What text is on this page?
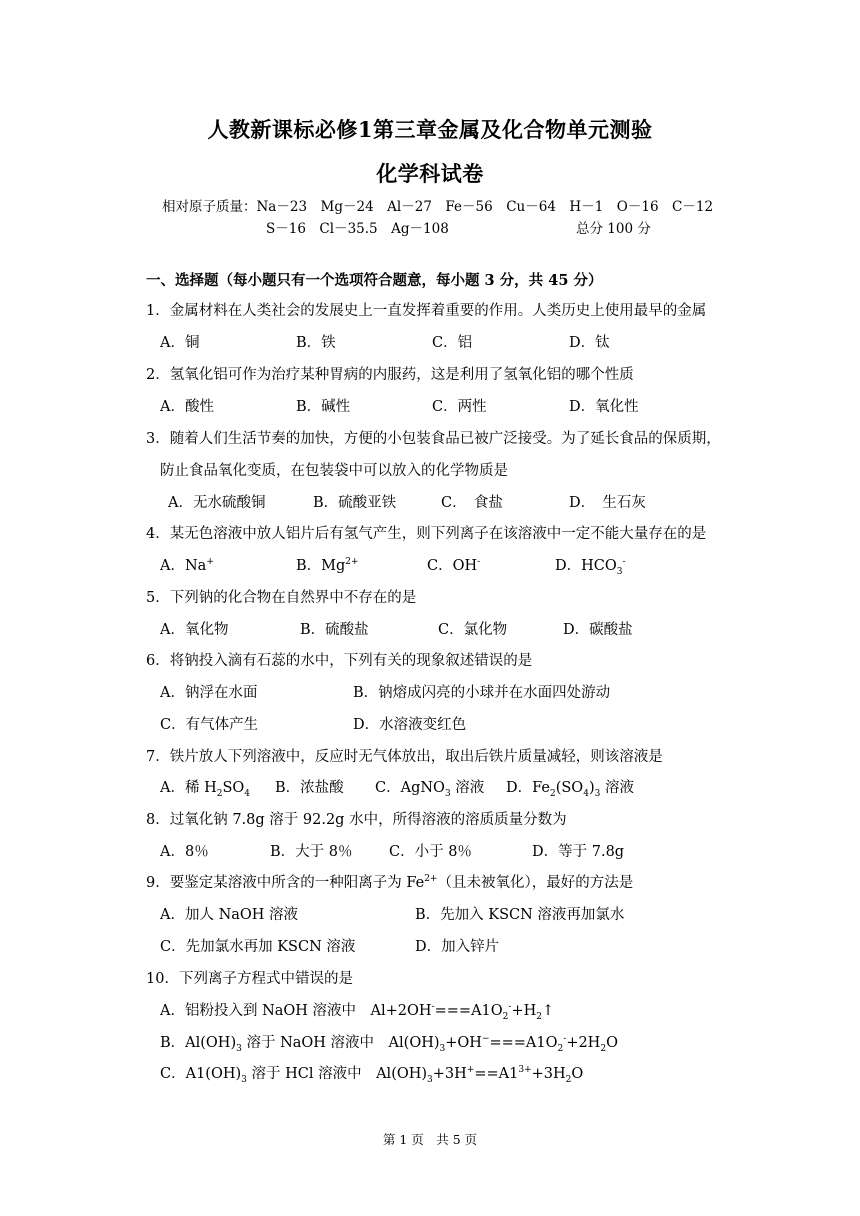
人教新课标必修1第三章金属及化合物单元测验
化学科试卷
相对原子质量：Na－23　Mg－24　Al－27　Fe－56　Cu－64　H－1　O－16　C－12
S－16　Cl－35.5　Ag－108	总分 100 分
一、选择题（每小题只有一个选项符合题意，每小题 3 分，共 45 分）
1．金属材料在人类社会的发展史上一直发挥着重要的作用。人类历史上使用最早的金属
A．铜	B．铁	C．铝	D．钛
2．氢氧化铝可作为治疗某种胃病的内服药，这是利用了氢氧化铝的哪个性质
A．酸性	B．碱性	C．两性	D．氧化性
3．随着人们生活节奏的加快，方便的小包装食品已被广泛接受。为了延长食品的保质期，
防止食品氧化变质，在包装袋中可以放入的化学物质是
A．无水硫酸铜	B．硫酸亚铁	C．　食盐	D．　生石灰
4．某无色溶液中放人铝片后有氢气产生，则下列离子在该溶液中一定不能大量存在的是
A．Na+	B．$Mg^{2+}$	C．OH-	D．$HCO_3^-$
5．下列钠的化合物在自然界中不存在的是
A．氧化物	B．硫酸盐	C．氯化物	D．碳酸盐
6．将钠投入滴有石蕊的水中，下列有关的现象叙述错误的是
A．钠浮在水面	B．钠熔成闪亮的小球并在水面四处游动
C．有气体产生	D．水溶液变红色
7．铁片放人下列溶液中，反应时无气体放出，取出后铁片质量减轻，则该溶液是
A．稀 $H_2SO_4$ B．浓盐酸 C．AgNO$_3$ 溶液 D．$Fe_2(SO_4)_3$ 溶液
8．过氧化钠 7.8g 溶于 92.2g 水中，所得溶液的溶质质量分数为
A．8％	B．大于 8％	C．小于 8％	D．等于 7.8g
9．要鉴定某溶液中所含的一种阳离子为 $Fe^{2+}$（且未被氧化），最好的方法是
A．加人 NaOH 溶液	B．先加入 KSCN 溶液再加氯水
C．先加氯水再加 KSCN 溶液	D．加入锌片
10．下列离子方程式中错误的是
A．铝粉投入到 NaOH 溶液中　$Al+2OH^-===A1O_2^-+H_2↑$
B．$Al(OH)_3$ 溶于 NaOH 溶液中　$Al(OH)_3+OH^-===A1O_2^-+2H_2O$
C．$A1(OH)_3$ 溶于 HCl 溶液中　$Al(OH)_3+3H^+==A1^{3+}+3H_2O$
第 1 页　共 5 页
